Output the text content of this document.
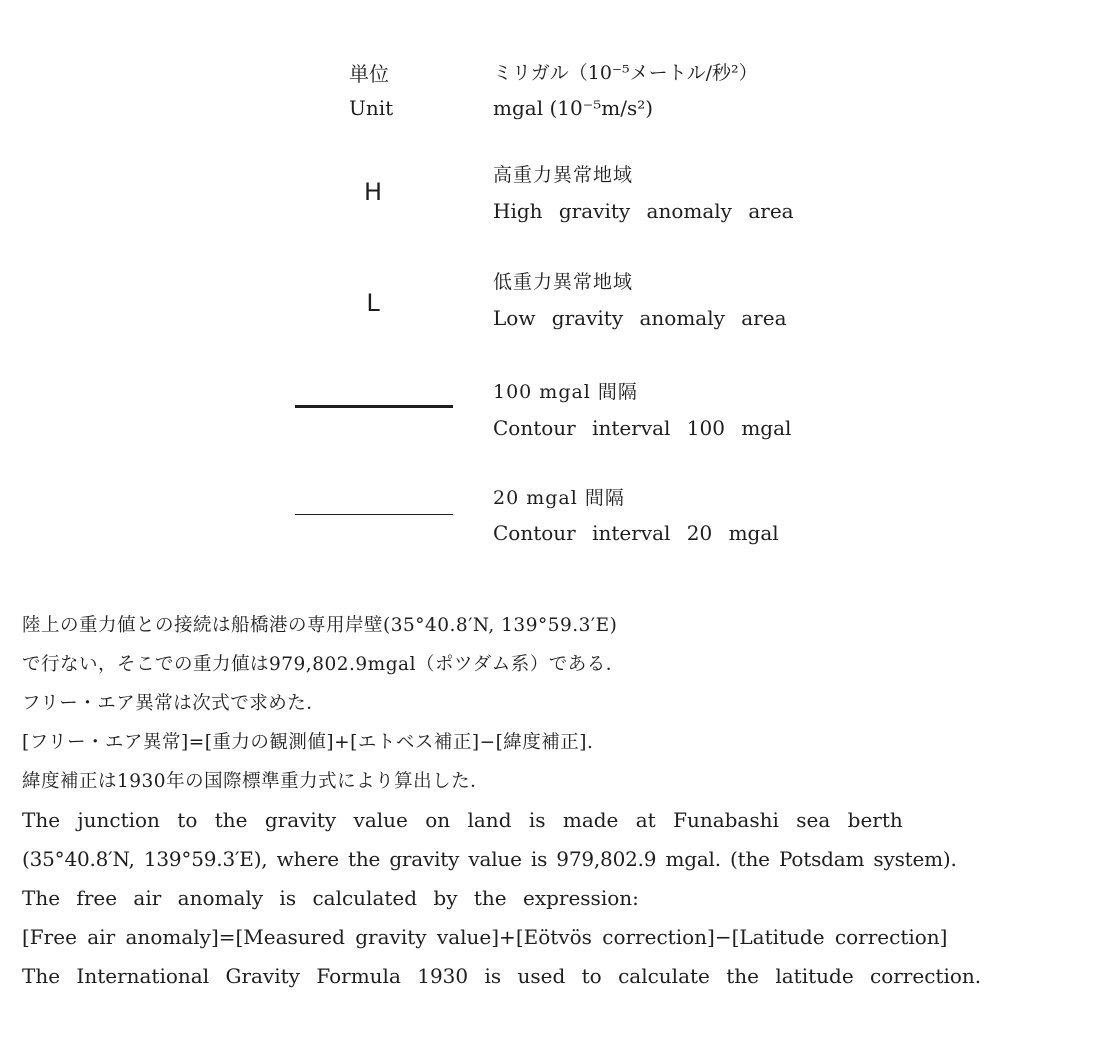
単位
Unit
ミリガル（10⁻⁵メートル/秒²）
mgal (10⁻⁵m/s²)
H
高重力異常地域
High gravity anomaly area
L
低重力異常地域
Low gravity anomaly area
100 mgal 間隔
Contour interval 100 mgal
20 mgal 間隔
Contour interval 20 mgal
陸上の重力値との接続は船橋港の専用岸壁(35°40.8′N, 139°59.3′E)
で行ない，そこでの重力値は979,802.9mgal（ポツダム系）である．
フリー・エア異常は次式で求めた．
[フリー・エア異常]=[重力の観測値]+[エトベス補正]−[緯度補正].
緯度補正は1930年の国際標準重力式により算出した．
The junction to the gravity value on land is made at Funabashi sea berth
(35°40.8′N, 139°59.3′E), where the gravity value is 979,802.9 mgal. (the Potsdam system).
The free air anomaly is calculated by the expression:
[Free air anomaly]=[Measured gravity value]+[Eötvös correction]−[Latitude correction]
The International Gravity Formula 1930 is used to calculate the latitude correction.
